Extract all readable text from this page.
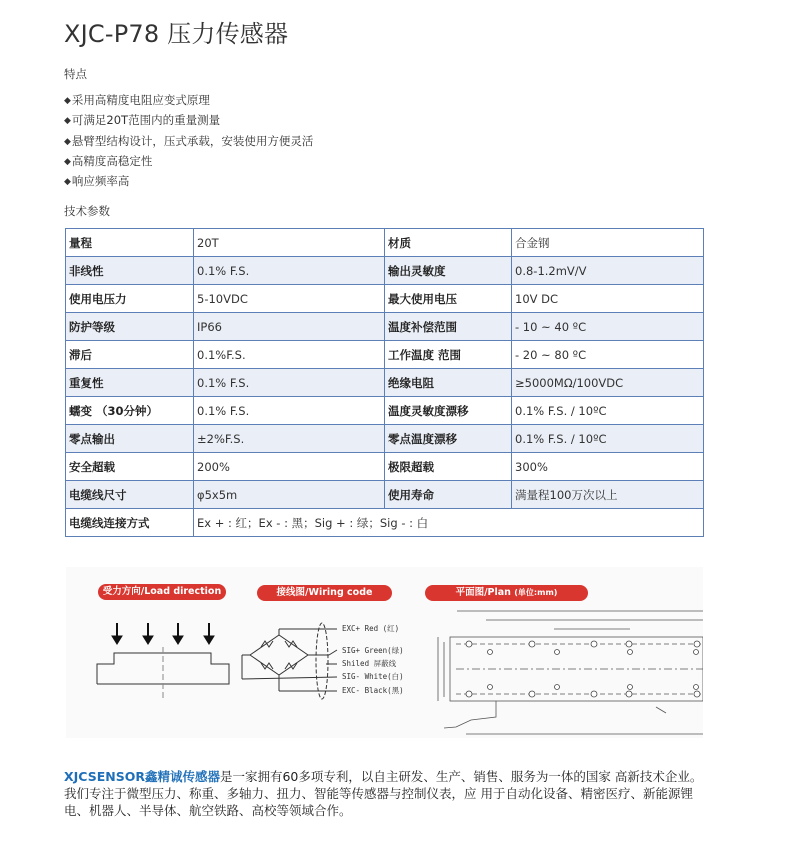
XJC-P78 压力传感器
特点
◆采用高精度电阻应变式原理
◆可满足20T范围内的重量测量
◆悬臂型结构设计，压式承载，安装使用方便灵活
◆高精度高稳定性
◆响应频率高
技术参数
量程	20T	材质	合金钢
非线性	0.1% F.S.	输出灵敏度	0.8-1.2mV/V
使用电压力	5-10VDC	最大使用电压	10V DC
防护等级	IP66	温度补偿范围	- 10 ~ 40 ºC
滞后	0.1%F.S.	工作温度 范围	- 20 ~ 80 ºC
重复性	0.1% F.S.	绝缘电阻	≥5000MΩ/100VDC
蠕变 （30分钟）	0.1% F.S.	温度灵敏度漂移	0.1% F.S. / 10ºC
零点输出	±2%F.S.	零点温度漂移	0.1% F.S. / 10ºC
安全超载	200%	极限超载	300%
电缆线尺寸	φ5x5m	使用寿命	满量程100万次以上
电缆线连接方式	Ex + : 红；Ex - : 黑；Sig + : 绿；Sig - : 白		
受力方向/Load direction	接线图/Wiring code	平面图/Plan (单位:mm)
EXC+ Red (红)
SIG+ Green(绿)
Shiled 屏蔽线
SIG- White(白)
EXC- Black(黑)

XJCSENSOR鑫精诚传感器是一家拥有60多项专利，以自主研发、生产、销售、服务为一体的国家 高新技术企业。

我们专注于微型压力、称重、多轴力、扭力、智能等传感器与控制仪表，应 用于自动化设备、精密医疗、新能源锂电、机器人、半导体、航空铁路、高校等领域合作。
